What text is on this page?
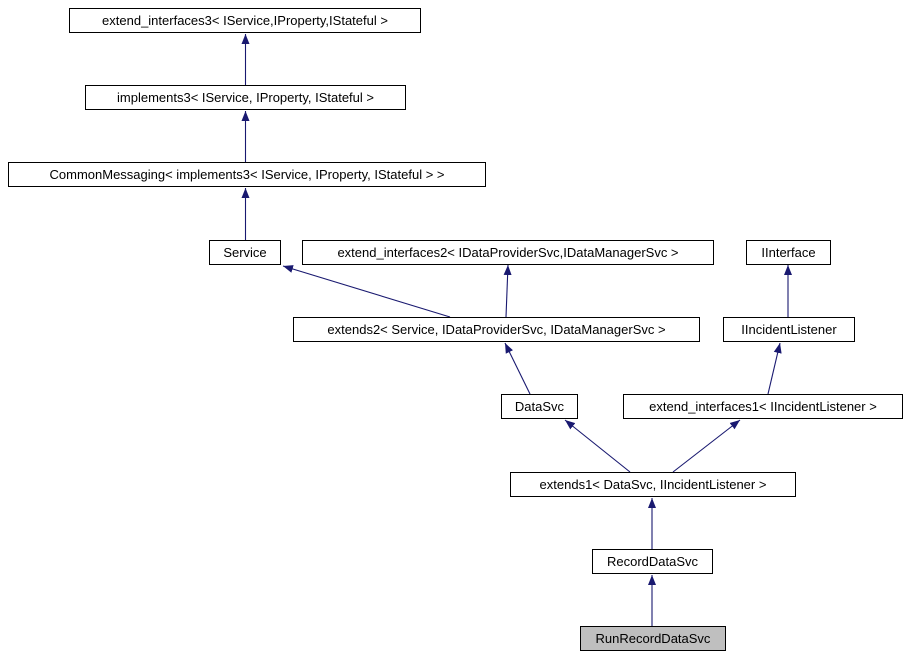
extend_interfaces3< IService,IProperty,IStateful >
implements3< IService, IProperty, IStateful >
CommonMessaging< implements3< IService, IProperty, IStateful > >
Service	extend_interfaces2< IDataProviderSvc,IDataManagerSvc >	IInterface
extends2< Service, IDataProviderSvc, IDataManagerSvc >	IIncidentListener
DataSvc	extend_interfaces1< IIncidentListener >
extends1< DataSvc, IIncidentListener >
RecordDataSvc
RunRecordDataSvc
